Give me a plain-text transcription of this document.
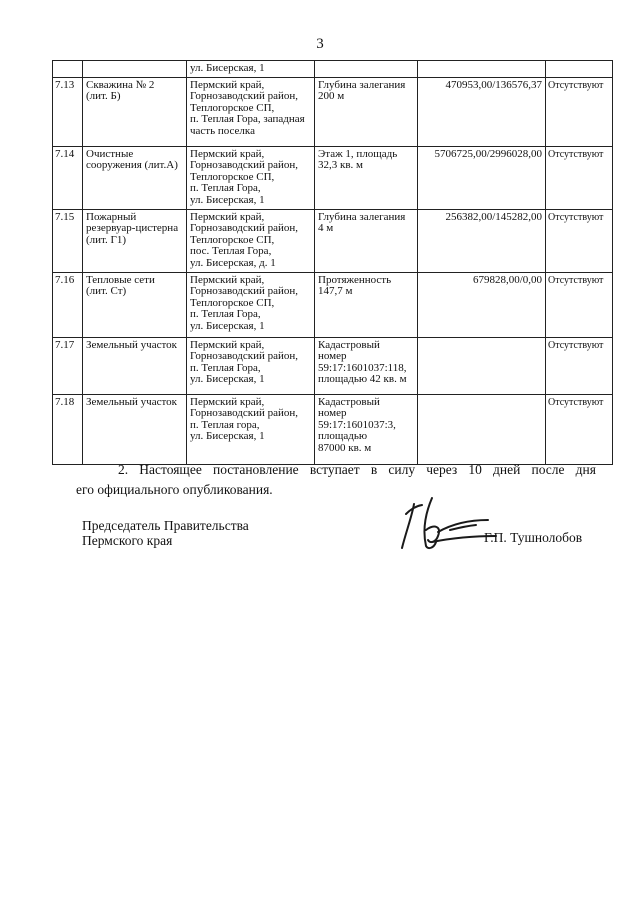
3
		ул. Бисерская, 1			
7.13	Скважина № 2
(лит. Б)	Пермский край,
Горнозаводский район,
Теплогорское СП,
п. Теплая Гора, западная
часть поселка	Глубина залегания
200 м	470953,00/136576,37	Отсутствуют
7.14	Очистные
сооружения (лит.А)	Пермский край,
Горнозаводский район,
Теплогорское СП,
п. Теплая Гора,
ул. Бисерская, 1	Этаж 1, площадь
32,3 кв. м	5706725,00/2996028,00	Отсутствуют
7.15	Пожарный
резервуар-цистерна
(лит. Г1)	Пермский край,
Горнозаводский район,
Теплогорское СП,
пос. Теплая Гора,
ул. Бисерская, д. 1	Глубина залегания
4 м	256382,00/145282,00	Отсутствуют
7.16	Тепловые сети
(лит. Ст)	Пермский край,
Горнозаводский район,
Теплогорское СП,
п. Теплая Гора,
ул. Бисерская, 1	Протяженность
147,7 м	679828,00/0,00	Отсутствуют
7.17	Земельный участок	Пермский край,
Горнозаводский район,
п. Теплая Гора,
ул. Бисерская, 1	Кадастровый
номер
59:17:1601037:118,
площадью 42 кв. м		Отсутствуют
7.18	Земельный участок	Пермский край,
Горнозаводский район,
п. Теплая гора,
ул. Бисерская, 1	Кадастровый
номер
59:17:1601037:3,
площадью
87000 кв. м		Отсутствуют
2. Настоящее постановление вступает в силу через 10 дней после дня
его официального опубликования.
Председатель Правительства
Пермского края	Г.П. Тушнолобов
